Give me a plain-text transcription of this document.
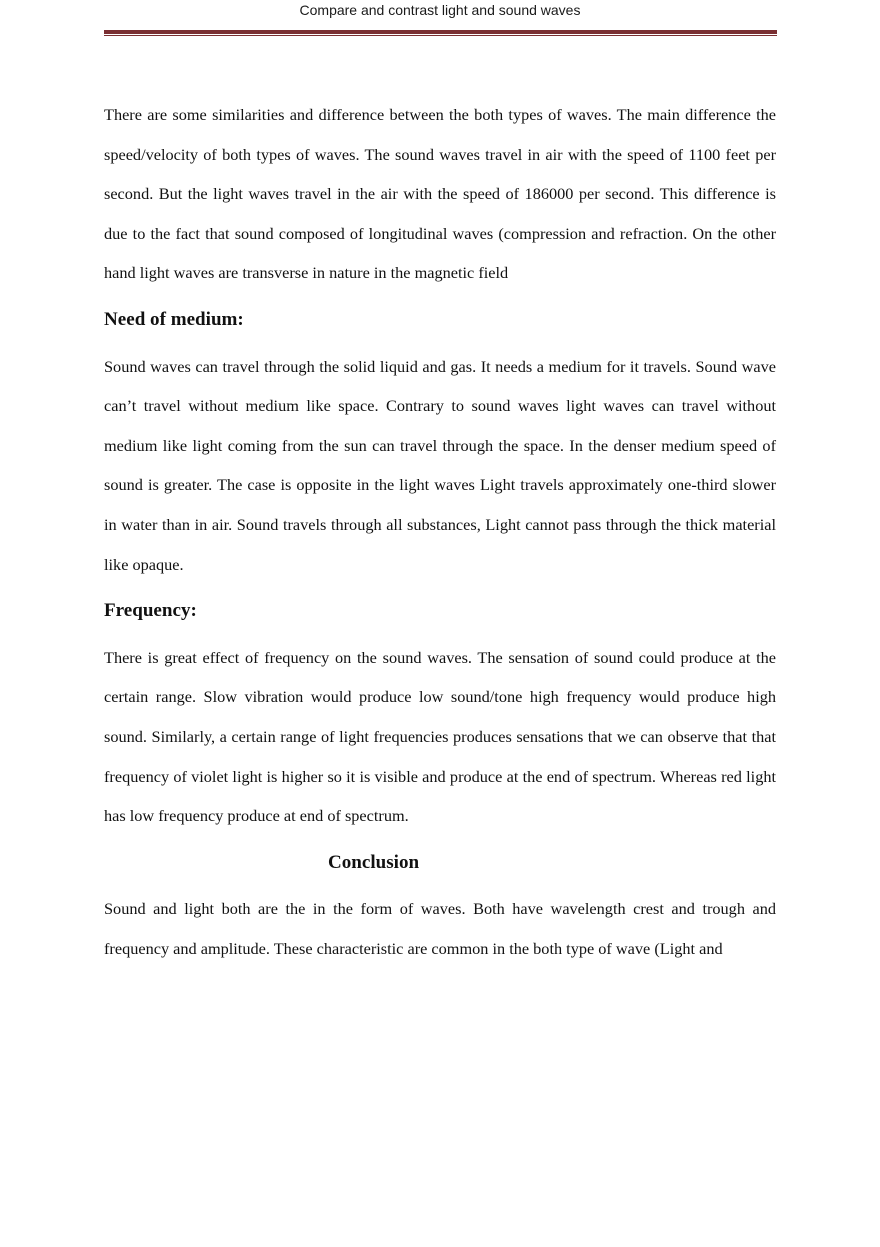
Compare and contrast light and sound waves

There are some similarities and difference between the both types of waves. The main difference the speed/velocity of both types of waves. The sound waves travel in air with the speed of 1100 feet per second. But the light waves travel in the air with the speed of 186000 per second. This difference is due to the fact that sound composed of longitudinal waves (compression and refraction. On the other hand light waves are transverse in nature in the magnetic field

Need of medium:

Sound waves can travel through the solid liquid and gas. It needs a medium for it travels. Sound wave can’t travel without medium like space. Contrary to sound waves light waves can travel without medium like light coming from the sun can travel through the space. In the denser medium speed of sound is greater. The case is opposite in the light waves Light travels approximately one-third slower in water than in air. Sound travels through all substances, Light cannot pass through the thick material like opaque.

Frequency:

There is great effect of frequency on the sound waves. The sensation of sound could produce at the certain range. Slow vibration would produce low sound/tone high frequency would produce high sound. Similarly, a certain range of light frequencies produces sensations that we can observe that that frequency of violet light is higher so it is visible and produce at the end of spectrum. Whereas red light has low frequency produce at end of spectrum.

Conclusion

Sound and light both are the in the form of waves. Both have wavelength crest and trough and frequency and amplitude. These characteristic are common in the both type of wave (Light and
